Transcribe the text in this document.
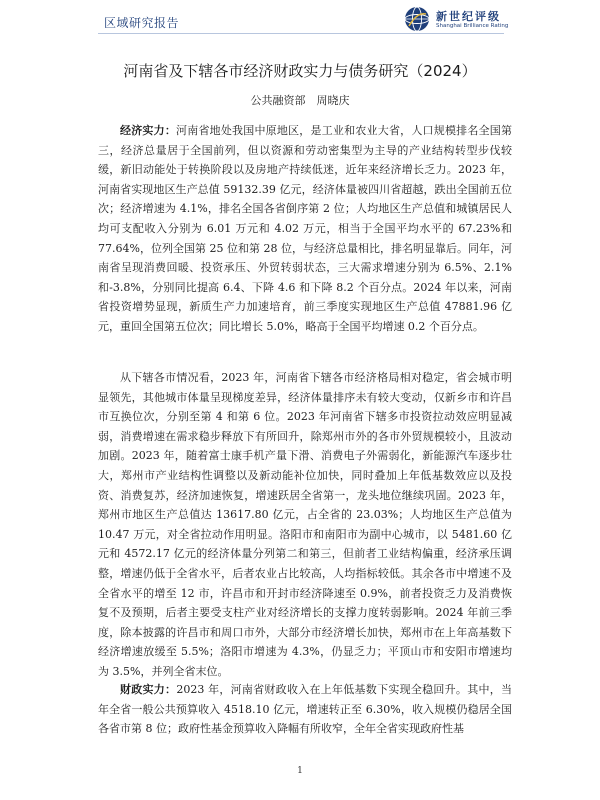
区域研究报告	新世纪评级
Shanghai Brilliance Rating
河南省及下辖各市经济财政实力与债务研究（2024）
公共融资部　周晓庆

经济实力：河南省地处我国中原地区，是工业和农业大省，人口规模排名全国第三，经济总量居于全国前列，但以资源和劳动密集型为主导的产业结构转型步伐较缓，新旧动能处于转换阶段以及房地产持续低迷，近年来经济增长乏力。2023 年，河南省实现地区生产总值 59132.39 亿元，经济体量被四川省超越，跌出全国前五位次；经济增速为 4.1%，排名全国各省倒序第 2 位；人均地区生产总值和城镇居民人均可支配收入分别为 6.01 万元和 4.02 万元，相当于全国平均水平的 67.23%和 77.64%，位列全国第 25 位和第 28 位，与经济总量相比，排名明显靠后。同年，河南省呈现消费回暖、投资承压、外贸转弱状态，三大需求增速分别为 6.5%、2.1%和-3.8%，分别同比提高 6.4、下降 4.6 和下降 8.2 个百分点。2024 年以来，河南省投资增势显现，新质生产力加速培育，前三季度实现地区生产总值 47881.96 亿元，重回全国第五位次；同比增长 5.0%，略高于全国平均增速 0.2 个百分点。

从下辖各市情况看，2023 年，河南省下辖各市经济格局相对稳定，省会城市明显领先，其他城市体量呈现梯度差异，经济体量排序未有较大变动，仅新乡市和许昌市互换位次，分别至第 4 和第 6 位。2023 年河南省下辖多市投资拉动效应明显减弱，消费增速在需求稳步释放下有所回升，除郑州市外的各市外贸规模较小，且波动加剧。2023 年，随着富士康手机产量下滑、消费电子外需弱化，新能源汽车逐步壮大，郑州市产业结构性调整以及新动能补位加快，同时叠加上年低基数效应以及投资、消费复苏，经济加速恢复，增速跃居全省第一，龙头地位继续巩固。2023 年，郑州市地区生产总值达 13617.80 亿元，占全省的 23.03%；人均地区生产总值为 10.47 万元，对全省拉动作用明显。洛阳市和南阳市为副中心城市，以 5481.60 亿元和 4572.17 亿元的经济体量分列第二和第三，但前者工业结构偏重，经济承压调整，增速仍低于全省水平，后者农业占比较高，人均指标较低。其余各市中增速不及全省水平的增至 12 市，许昌市和开封市经济降速至 0.9%，前者投资乏力及消费恢复不及预期，后者主要受支柱产业对经济增长的支撑力度转弱影响。2024 年前三季度，除本披露的许昌市和周口市外，大部分市经济增长加快，郑州市在上年高基数下经济增速放缓至 5.5%；洛阳市增速为 4.3%，仍显乏力；平顶山市和安阳市增速均为 3.5%，并列全省末位。

财政实力：2023 年，河南省财政收入在上年低基数下实现全稳回升。其中，当年全省一般公共预算收入 4518.10 亿元，增速转正至 6.30%，收入规模仍稳居全国各省市第 8 位；政府性基金预算收入降幅有所收窄，全年全省实现政府性基

1
